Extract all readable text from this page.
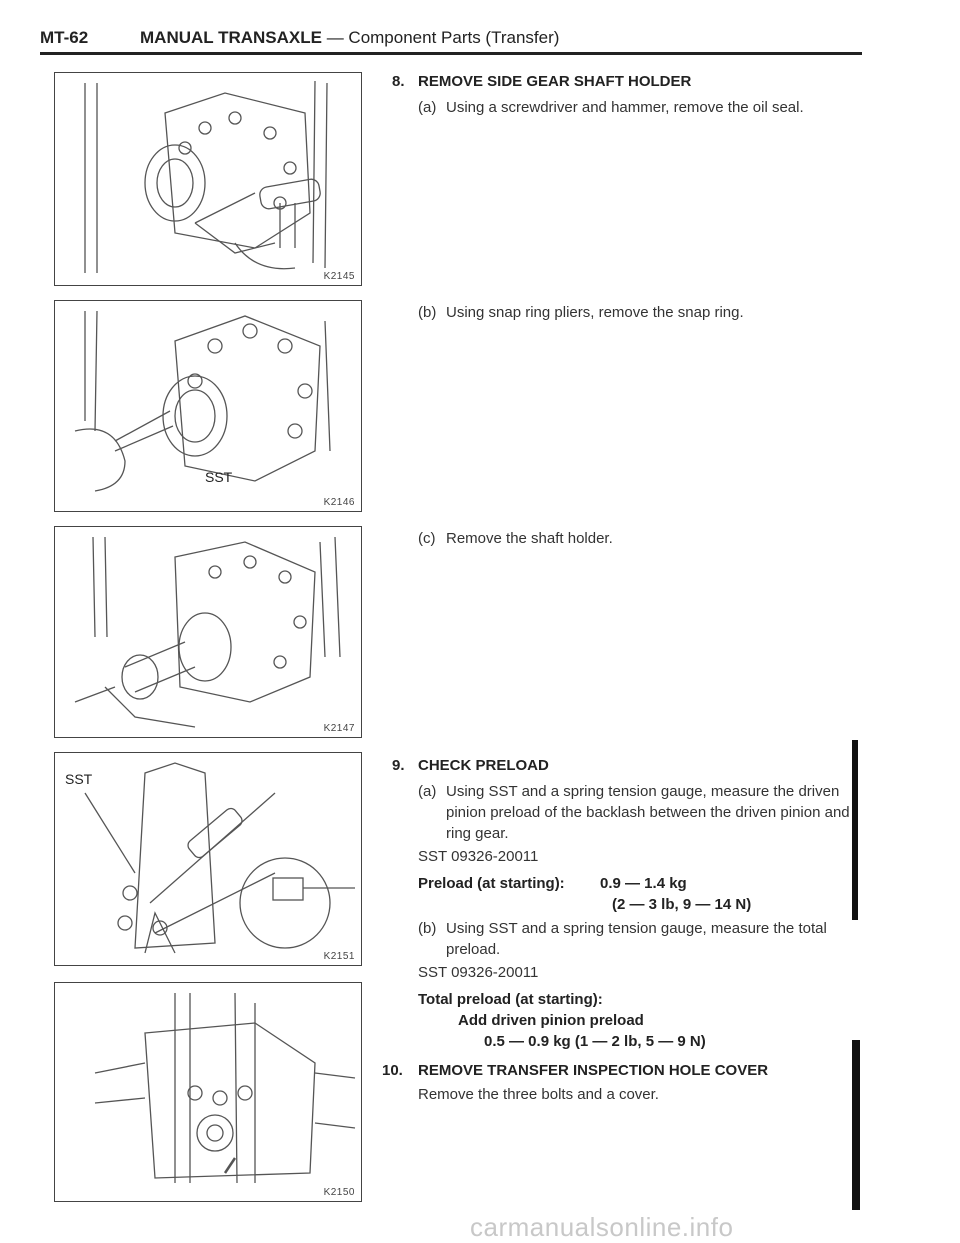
MT-62	MANUAL TRANSAXLE — Component Parts (Transfer)
K2145
SST
K2146
K2147
SST
K2151
K2150
8. REMOVE SIDE GEAR SHAFT HOLDER
(a) Using a screwdriver and hammer, remove the oil seal.
(b) Using snap ring pliers, remove the snap ring.
(c) Remove the shaft holder.
9. CHECK PRELOAD
(a) Using SST and a spring tension gauge, measure the driven pinion preload of the backlash between the driven pinion and ring gear.
SST 09326-20011
Preload (at starting): 0.9 — 1.4 kg
(2 — 3 lb, 9 — 14 N)
(b) Using SST and a spring tension gauge, measure the total preload.
SST 09326-20011
Total preload (at starting):
Add driven pinion preload
0.5 — 0.9 kg (1 — 2 lb, 5 — 9 N)
10. REMOVE TRANSFER INSPECTION HOLE COVER
Remove the three bolts and a cover.
carmanualsonline.info
